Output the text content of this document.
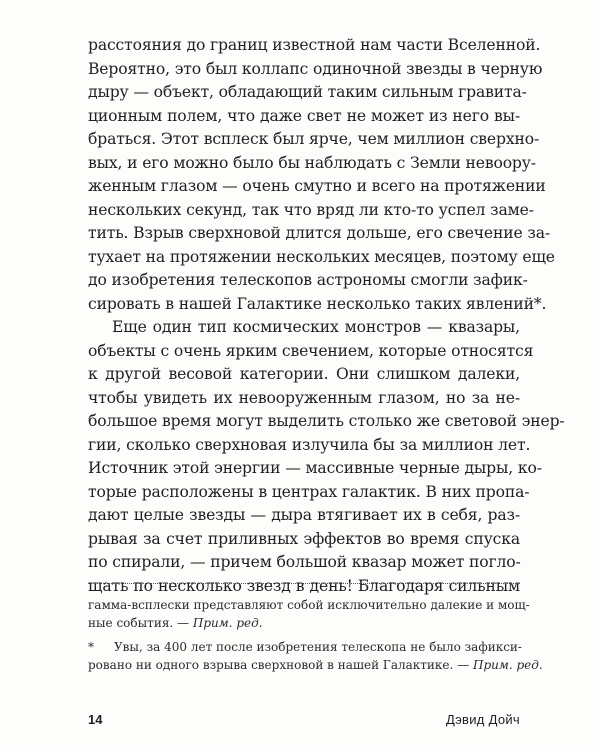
расстояния до границ известной нам части Вселенной.
Вероятно, это был коллапс одиночной звезды в черную
дыру — объект, обладающий таким сильным гравита-
ционным полем, что даже свет не может из него вы-
браться. Этот всплеск был ярче, чем миллион сверхно-
вых, и его можно было бы наблюдать с Земли невоору-
женным глазом — очень смутно и всего на протяжении
нескольких секунд, так что вряд ли кто-то успел заме-
тить. Взрыв сверхновой длится дольше, его свечение за-
тухает на протяжении нескольких месяцев, поэтому еще
до изобретения телескопов астрономы смогли зафик-
сировать в нашей Галактике несколько таких явлений*.
Еще один тип космических монстров — квазары,
объекты с очень ярким свечением, которые относятся
к другой весовой категории. Они слишком далеки,
чтобы увидеть их невооруженным глазом, но за не-
большое время могут выделить столько же световой энер-
гии, сколько сверхновая излучила бы за миллион лет.
Источник этой энергии — массивные черные дыры, ко-
торые расположены в центрах галактик. В них пропа-
дают целые звезды — дыра втягивает их в себя, раз-
рывая за счет приливных эффектов во время спуска
по спирали, — причем большой квазар может поглo-
щать по несколько звезд в день! Благодаря сильным
гамма-всплески представляют собой исключительно далекие и мощ-
ные события. — Прим. ред.
* Увы, за 400 лет после изобретения телескопа не было зафикси-
ровано ни одного взрыва сверхновой в нашей Галактике. — Прим. ред.
14	Дэвид Дойч
